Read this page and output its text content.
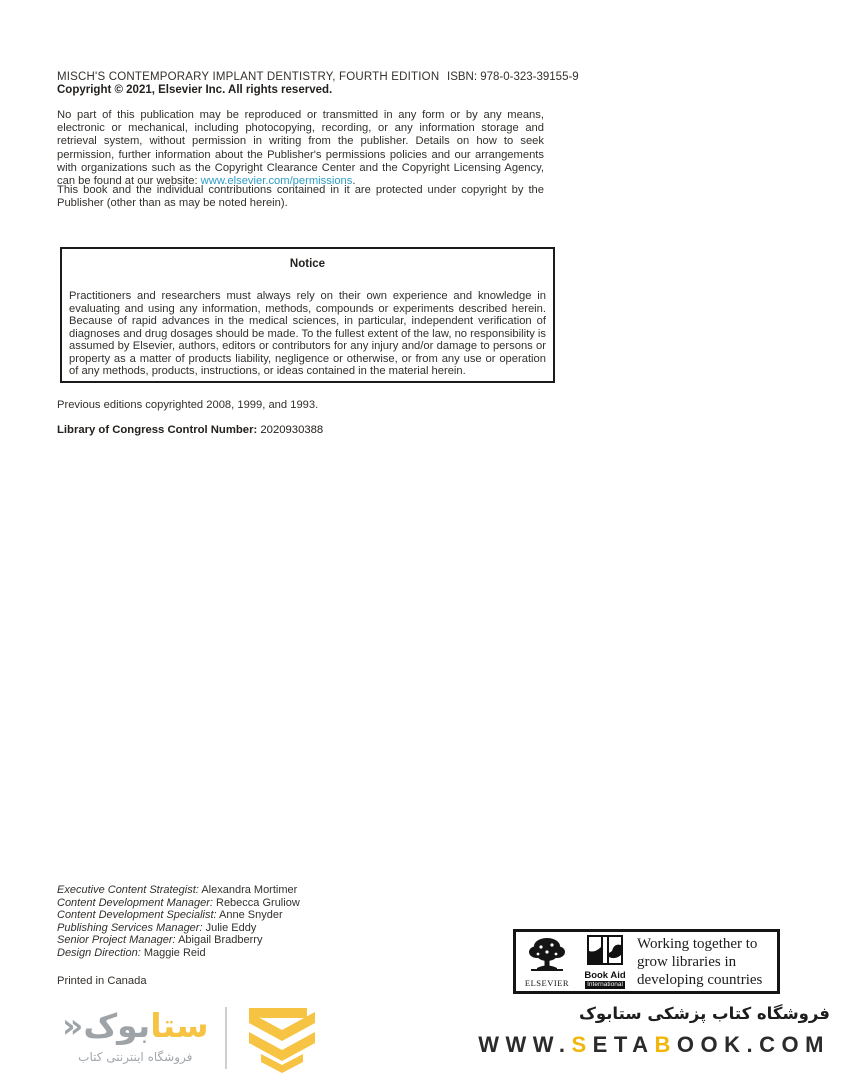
MISCH'S CONTEMPORARY IMPLANT DENTISTRY, FOURTH EDITION ISBN: 978-0-323-39155-9
Copyright © 2021, Elsevier Inc. All rights reserved.
No part of this publication may be reproduced or transmitted in any form or by any means, electronic or mechanical, including photocopying, recording, or any information storage and retrieval system, without permission in writing from the publisher. Details on how to seek permission, further information about the Publisher's permissions policies and our arrangements with organizations such as the Copyright Clearance Center and the Copyright Licensing Agency, can be found at our website: www.elsevier.com/permissions.
This book and the individual contributions contained in it are protected under copyright by the Publisher (other than as may be noted herein).
Notice
Practitioners and researchers must always rely on their own experience and knowledge in evaluating and using any information, methods, compounds or experiments described herein. Because of rapid advances in the medical sciences, in particular, independent verification of diagnoses and drug dosages should be made. To the fullest extent of the law, no responsibility is assumed by Elsevier, authors, editors or contributors for any injury and/or damage to persons or property as a matter of products liability, negligence or otherwise, or from any use or operation of any methods, products, instructions, or ideas contained in the material herein.
Previous editions copyrighted 2008, 1999, and 1993.
Library of Congress Control Number: 2020930388
Executive Content Strategist: Alexandra Mortimer
Content Development Manager: Rebecca Gruliow
Content Development Specialist: Anne Snyder
Publishing Services Manager: Julie Eddy
Senior Project Manager: Abigail Bradberry
Design Direction: Maggie Reid
Printed in Canada	ELSEVIER
Book Aid
International
Working together to grow libraries in developing countries
ستابوک«
فروشگاه اینترنتی کتاب
فروشگاه کتاب پزشکی ستابوک
WWW.SETABOOK.COM
